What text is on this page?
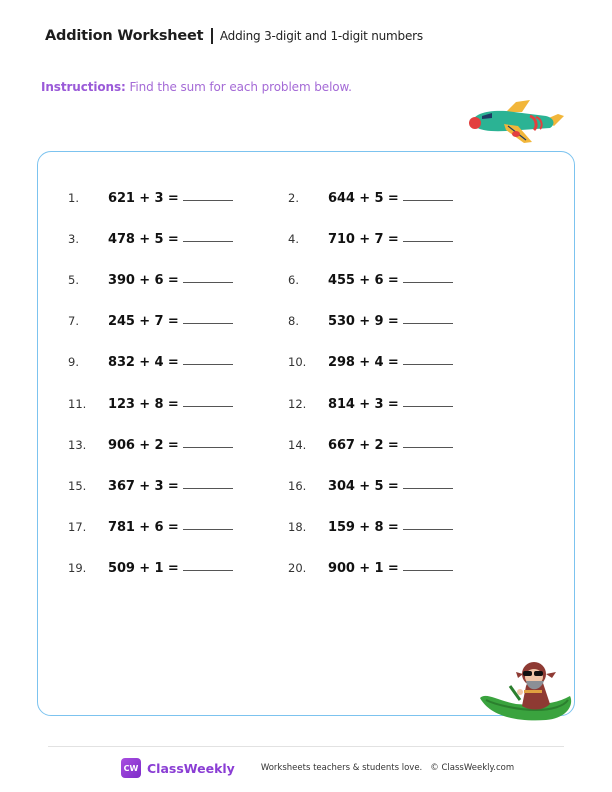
Addition Worksheet Adding 3-digit and 1-digit numbers
Instructions: Find the sum for each problem below.
1.	621 + 3 =	2.	644 + 5 =
3.	478 + 5 =	4.	710 + 7 =
5.	390 + 6 =	6.	455 + 6 =
7.	245 + 7 =	8.	530 + 9 =
9.	832 + 4 =	10.	298 + 4 =
11.	123 + 8 =	12.	814 + 3 =
13.	906 + 2 =	14.	667 + 2 =
15.	367 + 3 =	16.	304 + 5 =
17.	781 + 6 =	18.	159 + 8 =
19.	509 + 1 =	20.	900 + 1 =
CW ClassWeekly	Worksheets teachers & students love. © ClassWeekly.com
